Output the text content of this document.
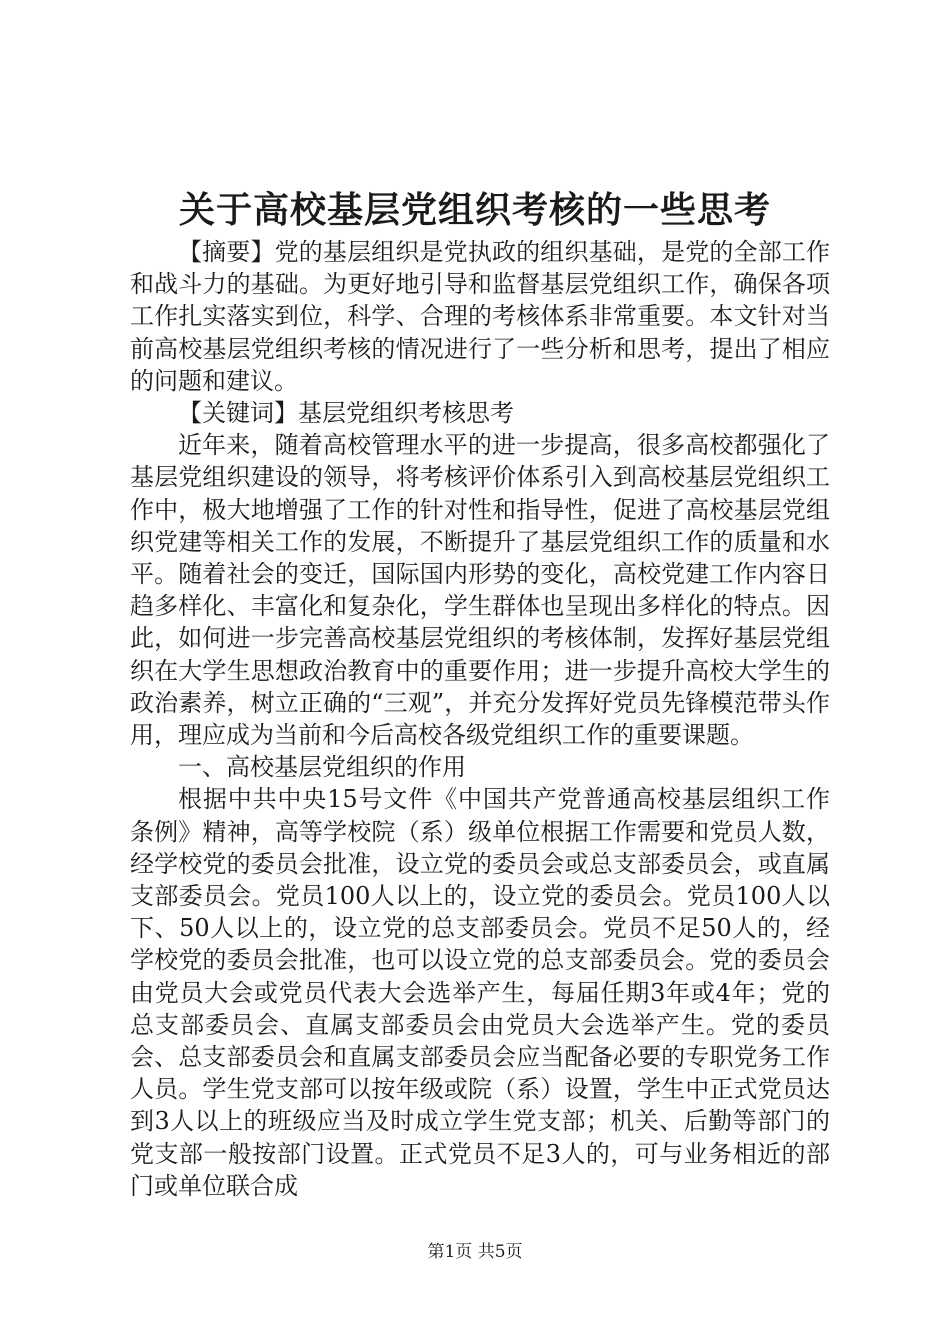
关于高校基层党组织考核的一些思考

【摘要】党的基层组织是党执政的组织基础，是党的全部工作和战斗力的基础。为更好地引导和监督基层党组织工作，确保各项工作扎实落实到位，科学、合理的考核体系非常重要。本文针对当前高校基层党组织考核的情况进行了一些分析和思考，提出了相应的问题和建议。

【关键词】基层党组织考核思考

近年来，随着高校管理水平的进一步提高，很多高校都强化了基层党组织建设的领导，将考核评价体系引入到高校基层党组织工作中，极大地增强了工作的针对性和指导性，促进了高校基层党组织党建等相关工作的发展，不断提升了基层党组织工作的质量和水平。随着社会的变迁，国际国内形势的变化，高校党建工作内容日趋多样化、丰富化和复杂化，学生群体也呈现出多样化的特点。因此，如何进一步完善高校基层党组织的考核体制，发挥好基层党组织在大学生思想政治教育中的重要作用；进一步提升高校大学生的政治素养，树立正确的“三观”，并充分发挥好党员先锋模范带头作用，理应成为当前和今后高校各级党组织工作的重要课题。

一、高校基层党组织的作用

根据中共中央15号文件《中国共产党普通高校基层组织工作条例》精神，高等学校院（系）级单位根据工作需要和党员人数，经学校党的委员会批准，设立党的委员会或总支部委员会，或直属支部委员会。党员100人以上的，设立党的委员会。党员100人以下、50人以上的，设立党的总支部委员会。党员不足50人的，经学校党的委员会批准，也可以设立党的总支部委员会。党的委员会由党员大会或党员代表大会选举产生，每届任期3年或4年；党的总支部委员会、直属支部委员会由党员大会选举产生。党的委员会、总支部委员会和直属支部委员会应当配备必要的专职党务工作人员。学生党支部可以按年级或院（系）设置，学生中正式党员达到3人以上的班级应当及时成立学生党支部；机关、后勤等部门的党支部一般按部门设置。正式党员不足3人的，可与业务相近的部门或单位联合成

第1页 共5页
